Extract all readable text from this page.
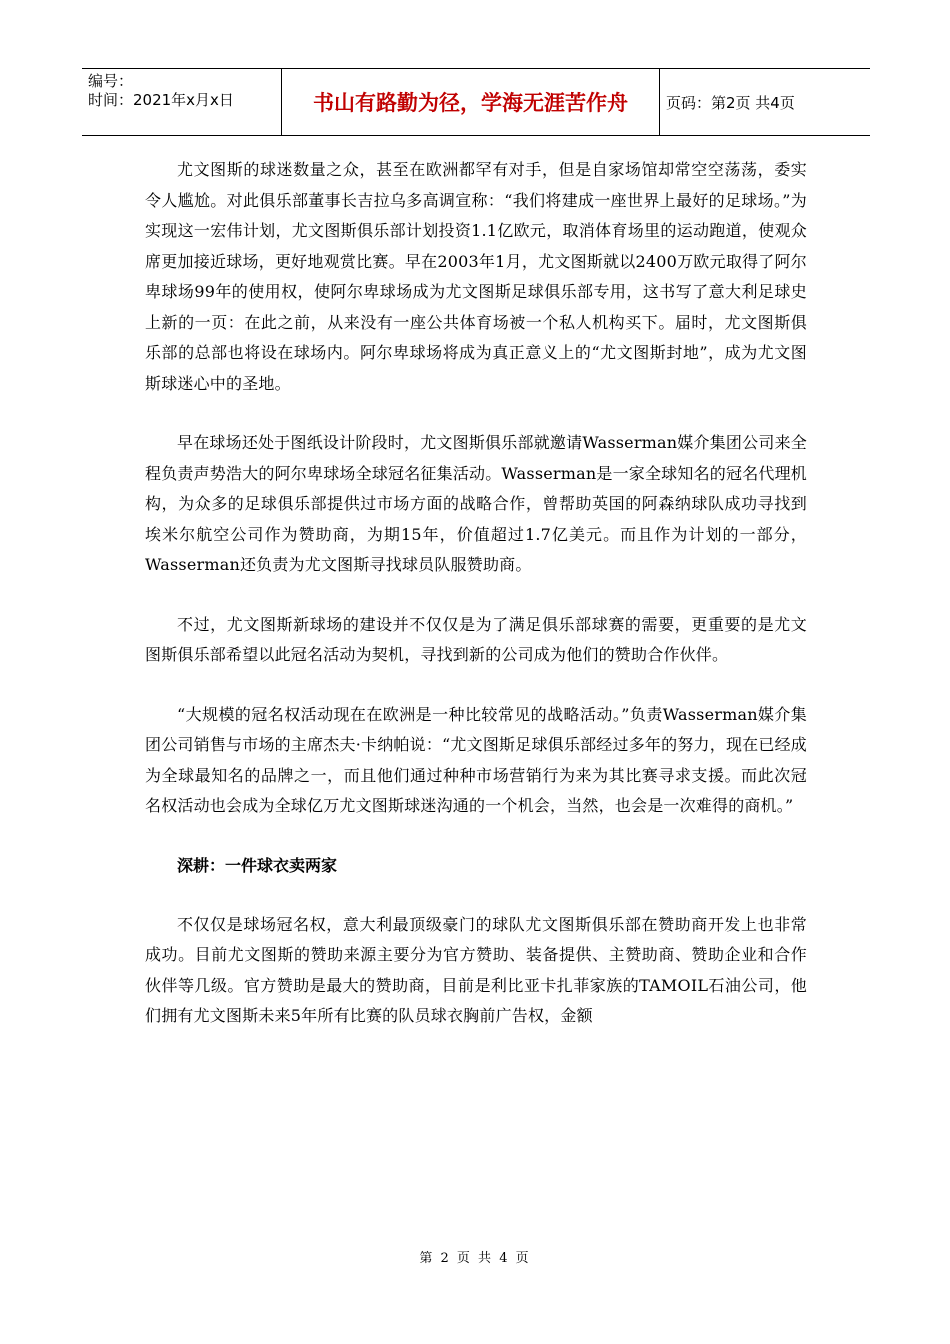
编号：
时间：2021年x月x日	书山有路勤为径，学海无涯苦作舟	页码：第2页 共4页

尤文图斯的球迷数量之众，甚至在欧洲都罕有对手，但是自家场馆却常空空荡荡，委实令人尴尬。对此俱乐部董事长吉拉乌多高调宣称：“我们将建成一座世界上最好的足球场。”为实现这一宏伟计划，尤文图斯俱乐部计划投资1.1亿欧元，取消体育场里的运动跑道，使观众席更加接近球场，更好地观赏比赛。早在2003年1月，尤文图斯就以2400万欧元取得了阿尔卑球场99年的使用权，使阿尔卑球场成为尤文图斯足球俱乐部专用，这书写了意大利足球史上新的一页：在此之前，从来没有一座公共体育场被一个私人机构买下。届时，尤文图斯俱乐部的总部也将设在球场内。阿尔卑球场将成为真正意义上的“尤文图斯封地”，成为尤文图斯球迷心中的圣地。

早在球场还处于图纸设计阶段时，尤文图斯俱乐部就邀请Wasserman媒介集团公司来全程负责声势浩大的阿尔卑球场全球冠名征集活动。Wasserman是一家全球知名的冠名代理机构，为众多的足球俱乐部提供过市场方面的战略合作，曾帮助英国的阿森纳球队成功寻找到埃米尔航空公司作为赞助商，为期15年，价值超过1.7亿美元。而且作为计划的一部分，Wasserman还负责为尤文图斯寻找球员队服赞助商。

不过，尤文图斯新球场的建设并不仅仅是为了满足俱乐部球赛的需要，更重要的是尤文图斯俱乐部希望以此冠名活动为契机，寻找到新的公司成为他们的赞助合作伙伴。

“大规模的冠名权活动现在在欧洲是一种比较常见的战略活动。”负责Wasserman媒介集团公司销售与市场的主席杰夫·卡纳帕说：“尤文图斯足球俱乐部经过多年的努力，现在已经成为全球最知名的品牌之一，而且他们通过种种市场营销行为来为其比赛寻求支援。而此次冠名权活动也会成为全球亿万尤文图斯球迷沟通的一个机会，当然，也会是一次难得的商机。”

深耕：一件球衣卖两家

不仅仅是球场冠名权，意大利最顶级豪门的球队尤文图斯俱乐部在赞助商开发上也非常成功。目前尤文图斯的赞助来源主要分为官方赞助、装备提供、主赞助商、赞助企业和合作伙伴等几级。官方赞助是最大的赞助商，目前是利比亚卡扎菲家族的TAMOIL石油公司，他们拥有尤文图斯未来5年所有比赛的队员球衣胸前广告权，金额

第 2 页 共 4 页
